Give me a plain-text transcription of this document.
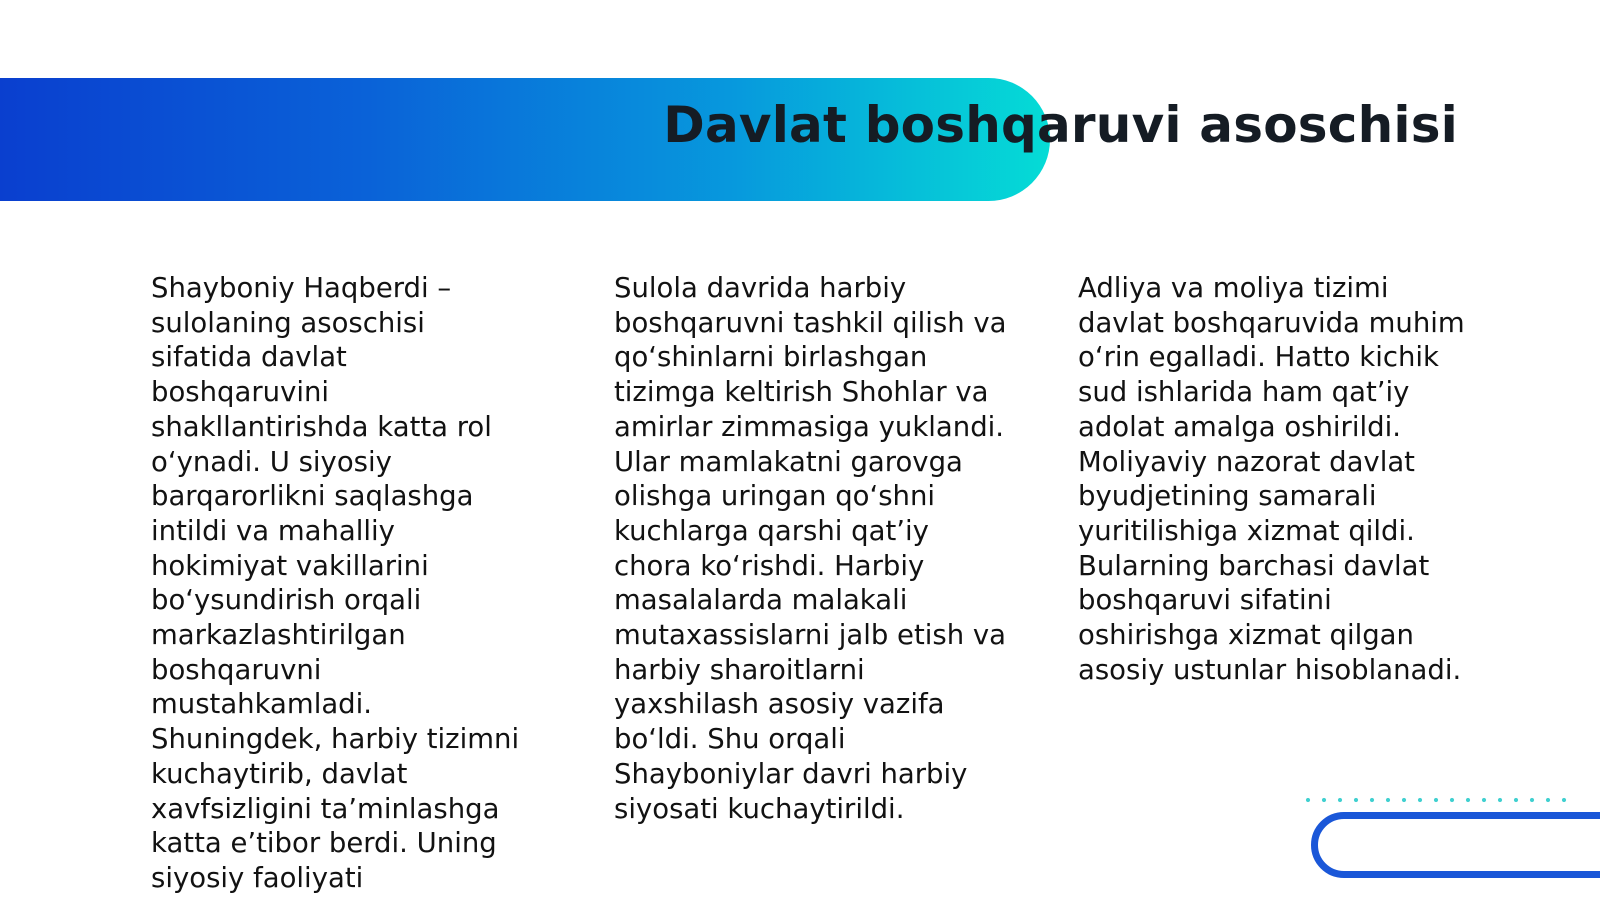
Davlat boshqaruvi asoschisi

Shayboniy Haqberdi – sulolaning asoschisi sifatida davlat boshqaruvini shakllantirishda katta rol o‘ynadi. U siyosiy barqarorlikni saqlashga intildi va mahalliy hokimiyat vakillarini bo‘ysundirish orqali markazlashtirilgan boshqaruvni mustahkamladi. Shuningdek, harbiy tizimni kuchaytirib, davlat xavfsizligini ta’minlashga katta e’tibor berdi. Uning siyosiy faoliyati

Sulola davrida harbiy boshqaruvni tashkil qilish va qo‘shinlarni birlashgan tizimga keltirish Shohlar va amirlar zimmasiga yuklandi. Ular mamlakatni garovga olishga uringan qo‘shni kuchlarga qarshi qat’iy chora ko‘rishdi. Harbiy masalalarda malakali mutaxassislarni jalb etish va harbiy sharoitlarni yaxshilash asosiy vazifa bo‘ldi. Shu orqali Shayboniylar davri harbiy siyosati kuchaytirildi.

Adliya va moliya tizimi davlat boshqaruvida muhim o‘rin egalladi. Hatto kichik sud ishlarida ham qat’iy adolat amalga oshirildi. Moliyaviy nazorat davlat byudjetining samarali yuritilishiga xizmat qildi. Bularning barchasi davlat boshqaruvi sifatini oshirishga xizmat qilgan asosiy ustunlar hisoblanadi.
